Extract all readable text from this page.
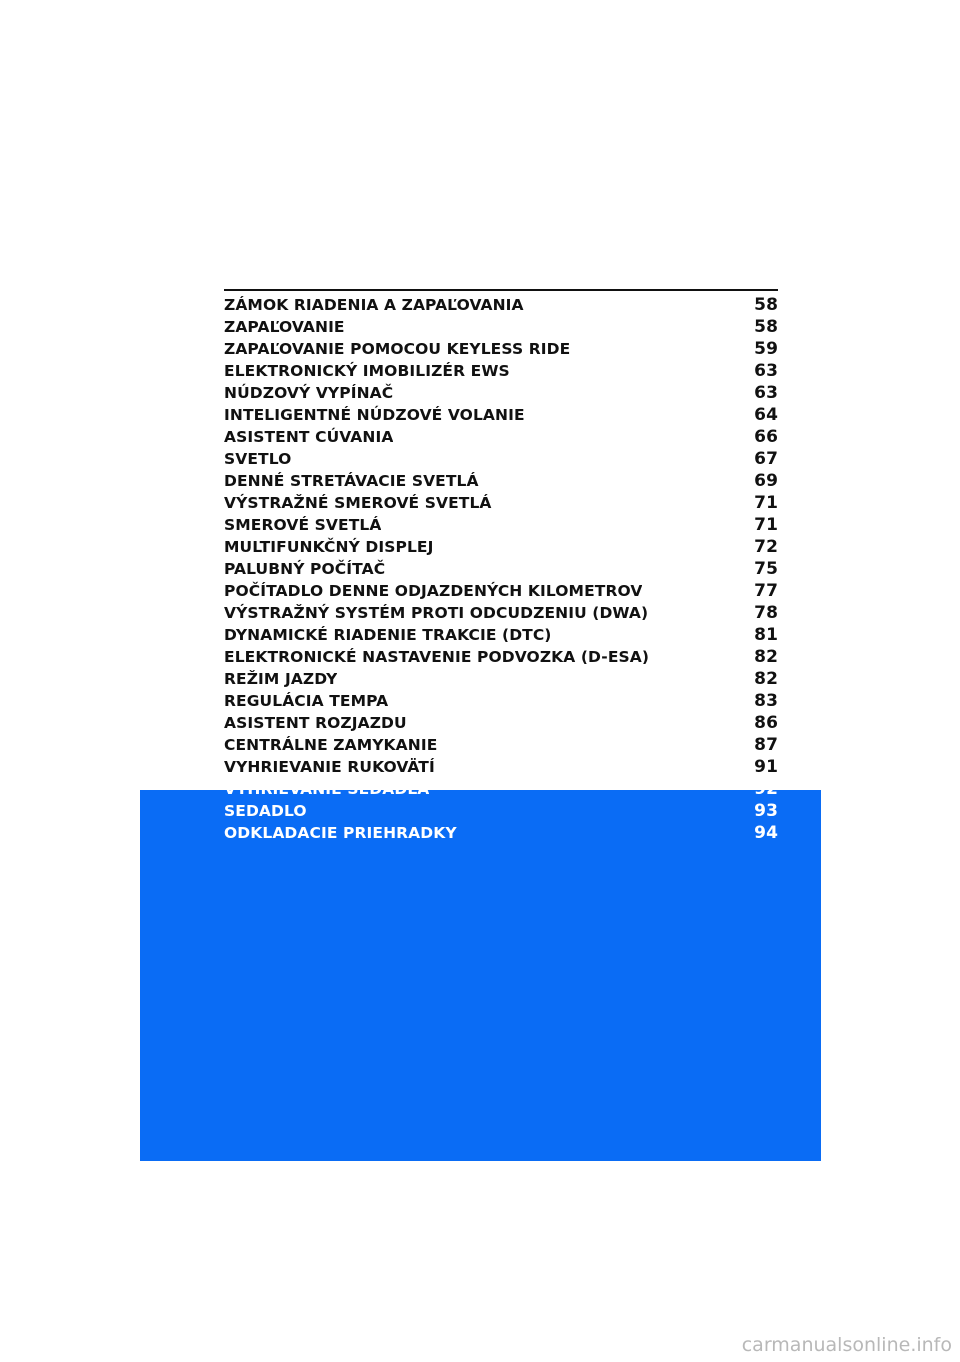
ZÁMOK RIADENIA A ZAPAĽOVANIA	58
ZAPAĽOVANIE	58
ZAPAĽOVANIE POMOCOU KEYLESS RIDE	59
ELEKTRONICKÝ IMOBILIZÉR EWS	63
NÚDZOVÝ VYPÍNAČ	63
INTELIGENTNÉ NÚDZOVÉ VOLANIE	64
ASISTENT CÚVANIA	66
SVETLO	67
DENNÉ STRETÁVACIE SVETLÁ	69
VÝSTRAŽNÉ SMEROVÉ SVETLÁ	71
SMEROVÉ SVETLÁ	71
MULTIFUNKČNÝ DISPLEJ	72
PALUBNÝ POČÍTAČ	75
POČÍTADLO DENNE ODJAZDENÝCH KILOMETROV	77
VÝSTRAŽNÝ SYSTÉM PROTI ODCUDZENIU (DWA)	78
DYNAMICKÉ RIADENIE TRAKCIE (DTC)	81
ELEKTRONICKÉ NASTAVENIE PODVOZKA (D-ESA)	82
REŽIM JAZDY	82
REGULÁCIA TEMPA	83
ASISTENT ROZJAZDU	86
CENTRÁLNE ZAMYKANIE	87
VYHRIEVANIE RUKOVÄTÍ	91
VYHRIEVANIE SEDADLA	92
SEDADLO	93
ODKLADACIE PRIEHRADKY	94
carmanualsonline.info
